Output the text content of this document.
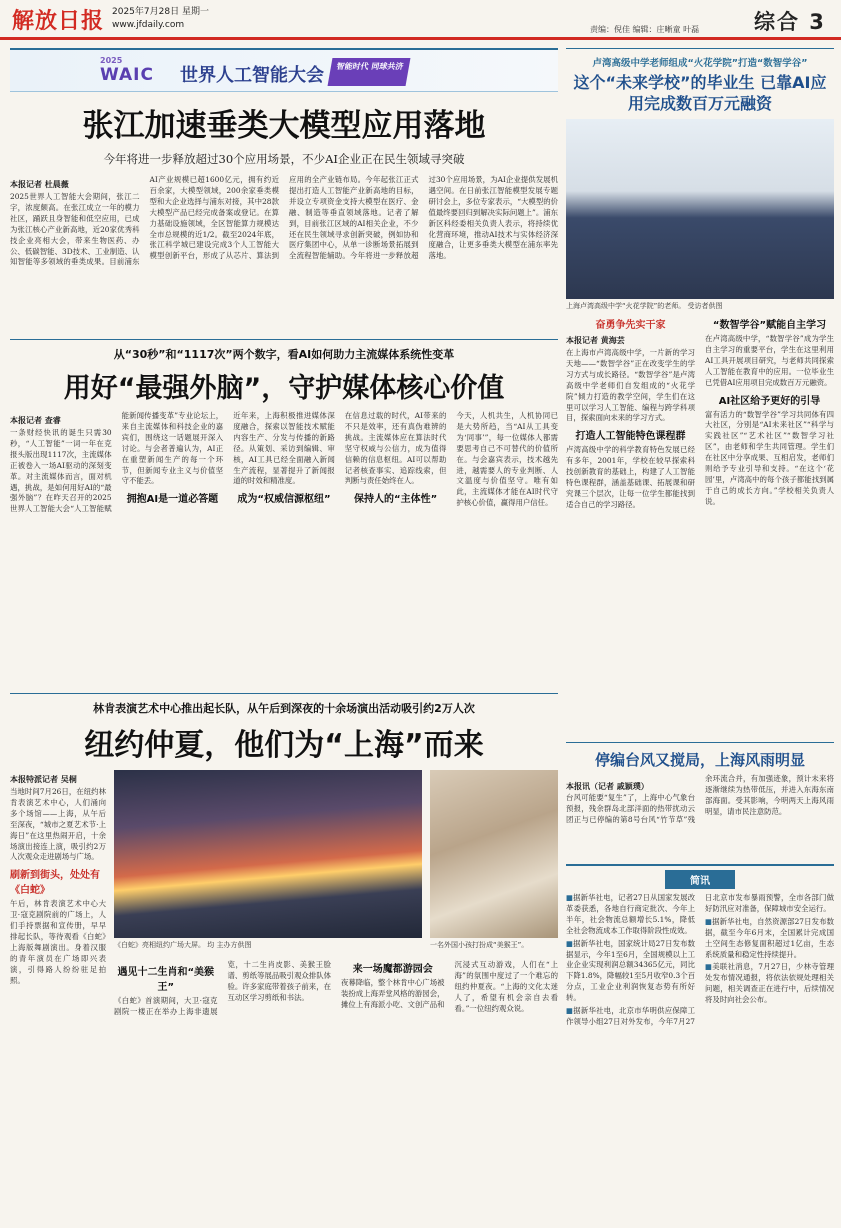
解放日报 2025年7月28日 星期一
www.jfdaily.com	责编：倪佳 编辑：庄晰童 叶磊	综合 3
2025
WAIC 世界人工智能大会	智能时代 同球共济
张江加速垂类大模型应用落地
今年将进一步释放超过30个应用场景，不少AI企业正在民生领域寻突破
本报记者 杜晨薇

2025世界人工智能大会期间，张江二字，浓度颇高。在张江成立一年的模力社区，踊跃且身智能和低空应用，已成为张江核心产业新高地，近20家优秀科技企业亮相大会，带来生物医药、办公、低碳智能、3D技术、工业制造、认知智能等多领域的垂类成果。目前浦东AI产业规模已超1600亿元，拥有约近百余家，大模型领域，200余家垂类模型和大企业选择与浦东对接，其中28款大模型产品已经完成备案或登记。在算力基础设施领域，全区智能算力规模达全市总规模的近1/2。截至2024年底，张江科学城已建设完成3个人工智能大模型创新平台，形成了从芯片、算法到应用的全产业链布局。今年起张江正式提出打造人工智能产业新高地的目标，并设立专项资金支持大模型在医疗、金融、制造等垂直领域落地。记者了解到，目前张江区域的AI相关企业，不少还在民生领域寻求创新突破，例如协和医疗集团中心，从单一诊断场景拓展到全流程智能辅助。今年将进一步释放超过30个应用场景，为AI企业提供发展机遇空间。在日前张江智能模型发展专题研讨会上，多位专家表示，“大模型的价值最终要回归到解决实际问题上”。浦东新区科经委相关负责人表示，将持续优化营商环境，推动AI技术与实体经济深度融合，让更多垂类大模型在浦东率先落地。

从“30秒”和“1117次”两个数字，看AI如何助力主流媒体系统性变革
用好“最强外脑”，守护媒体核心价值
本报记者 查睿

一条财经快讯的诞生只需30秒，“人工智能”一词一年在克报头版出现1117次，主流媒体正被卷入一场AI驱动的深刻变革。对主流媒体而言，面对机遇，挑战，是如何用好AI的“最强外脑”？在昨天召开的2025世界人工智能大会“人工智能赋能新闻传播变革”专业论坛上，来自主流媒体和科技企业的嘉宾们，围绕这一话题展开深入讨论。与会者普遍认为，AI正在重塑新闻生产的每一个环节，但新闻专业主义与价值坚守不能丢。

拥抱AI是一道必答题

近年来，上海积极推进媒体深度融合，探索以智能技术赋能内容生产、分发与传播的新路径。从策划、采访到编辑、审核，AI工具已经全面融入新闻生产流程，显著提升了新闻报道的时效和精准度。

成为“权威信源枢纽”

在信息过载的时代，AI带来的不只是效率，还有真伪难辨的挑战。主流媒体应在算法时代坚守权威与公信力，成为值得信赖的信息枢纽。AI可以帮助记者核查事实、追踪线索，但判断与责任始终在人。

保持人的“主体性”

今天，人机共生，人机协同已是大势所趋，当“AI从工具变为‘同事’”，每一位媒体人都需要思考自己不可替代的价值所在。与会嘉宾表示，技术越先进，越需要人的专业判断、人文温度与价值坚守。唯有如此，主流媒体才能在AI时代守护核心价值，赢得用户信任。

林肯表演艺术中心推出起长队，从午后到深夜的十余场演出活动吸引约2万人次
纽约仲夏，他们为“上海”而来
本报特派记者 吴桐

当地时间7月26日，在纽约林肯表演艺术中心，人们涌向多个场馆——上海，从午后至深夜，“城市之夏艺术节·上海日”在这里热闹开启，十余场演出接连上演，吸引约2万人次观众走进剧场与广场。

刷新到街头，处处有《白蛇》

午后，林肯表演艺术中心大卫·寇克剧院前的广场上，人们手持票据和宣传册，早早排起长队，等待观看《白蛇》上海版舞剧演出。身着汉服的青年演员在广场即兴表演，引得路人纷纷驻足拍照。

《白蛇》亮相纽约广场大屏。 均 主办方供图	一名外国小孩打扮成“美猴王”。
遇见十二生肖和“美猴王”

《白蛇》首演期间，大卫·寇克剧院一楼正在举办上海非遗展览，十二生肖皮影、美猴王脸谱、剪纸等展品吸引观众排队体验。许多家庭带着孩子前来，在互动区学习剪纸和书法。

来一场魔都游园会

夜幕降临，整个林肯中心广场被装扮成上海弄堂风格的游园会，摊位上有海派小吃、文创产品和沉浸式互动游戏，人们在“上海”的氛围中度过了一个难忘的纽约仲夏夜。“上海的文化太迷人了，希望有机会亲自去看看。”一位纽约观众说。

卢湾高级中学老师组成“火花学院”打造“数智学谷”
这个“未来学校”的毕业生 已靠AI应用完成数百万元融资
上海卢湾高级中学“火花学院”的老师。 受访者供图
奋勇争先实干家
本报记者 黄海芸

在上海市卢湾高级中学，一片新的学习天地——“数智学谷”正在改变学生的学习方式与成长路径。“数智学谷”是卢湾高级中学老师们自发组成的“火花学院”倾力打造的教学空间，学生们在这里可以学习人工智能、编程与跨学科项目，探索面向未来的学习方式。

打造人工智能特色课程群

卢湾高级中学的科学教育特色发展已经有多年，2001年，学校在较早探索科技创新教育的基础上，构建了人工智能特色课程群，涵盖基础课、拓展课和研究课三个层次，让每一位学生都能找到适合自己的学习路径。

“数智学谷”赋能自主学习

在卢湾高级中学，“数智学谷”成为学生自主学习的重要平台，学生在这里利用AI工具开展项目研究，与老师共同探索人工智能在教育中的应用。一位毕业生已凭借AI应用项目完成数百万元融资。

AI社区给予更好的引导

富有活力的“数智学谷”学习共同体有四大社区，分别是“AI未来社区”“科学与实践社区”“艺术社区”“数智学习社区”，由老师和学生共同管理。学生们在社区中分享成果、互相启发，老师们则给予专业引导和支持。“在这个‘花园’里，卢湾高中的每个孩子都能找到属于自己的成长方向。”学校相关负责人说。

停编台风又搅局，上海风雨明显
本报讯（记者 戚颖璞）

台风可能要“复生”了，上海中心气象台预报，残余群岛北部洋面的热带扰动云团正与已停编的第8号台风“竹节草”残余环流合并，有加强迹象，预计未来将逐渐继续为热带低压，并进入东海东南部海面。受其影响，今明两天上海风雨明显，请市民注意防范。

简讯

■据新华社电，记者27日从国家发展改革委获悉，各地自行商定批次、今年上半年，社会物流总额增长5.1%，降低全社会物流成本工作取得阶段性成效。

■据新华社电，国家统计局27日发布数据显示，今年1至6月，全国规模以上工业企业实现利润总额34365亿元，同比下降1.8%，降幅较1至5月收窄0.3个百分点，工业企业利润恢复态势有所好转。

■据新华社电，北京市华明供应保障工作领导小组27日对外发布，今年7月27日北京市发布暴雨预警，全市各部门做好防汛应对准备，保障城市安全运行。

■据新华社电，自然资源部27日发布数据，截至今年6月末，全国累计完成国土空间生态修复面积超过1亿亩，生态系统质量和稳定性持续提升。

■美联社消息，7月27日，少林寺管理处发布情况通报，将依法依规处理相关问题，相关调查正在进行中，后续情况将及时向社会公布。
